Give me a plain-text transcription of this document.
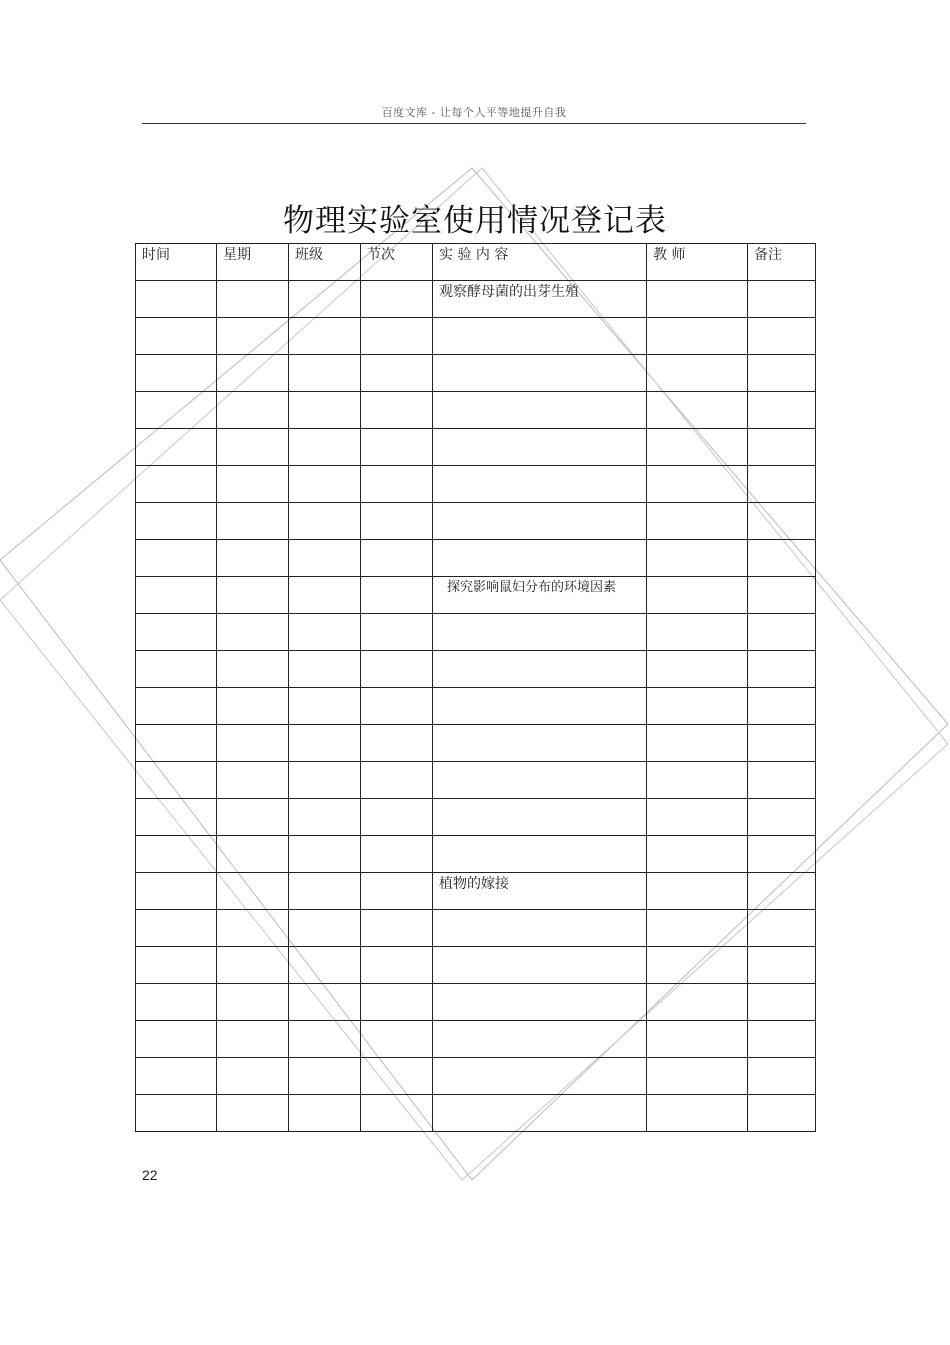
百度文库 - 让每个人平等地提升自我
物理实验室使用情况登记表
时间	星期	班级	节次	实 验 内 容	教 师	备注
				观察酵母菌的出芽生殖		

				探究影响鼠妇分布的环境因素		

				植物的嫁接		

22
